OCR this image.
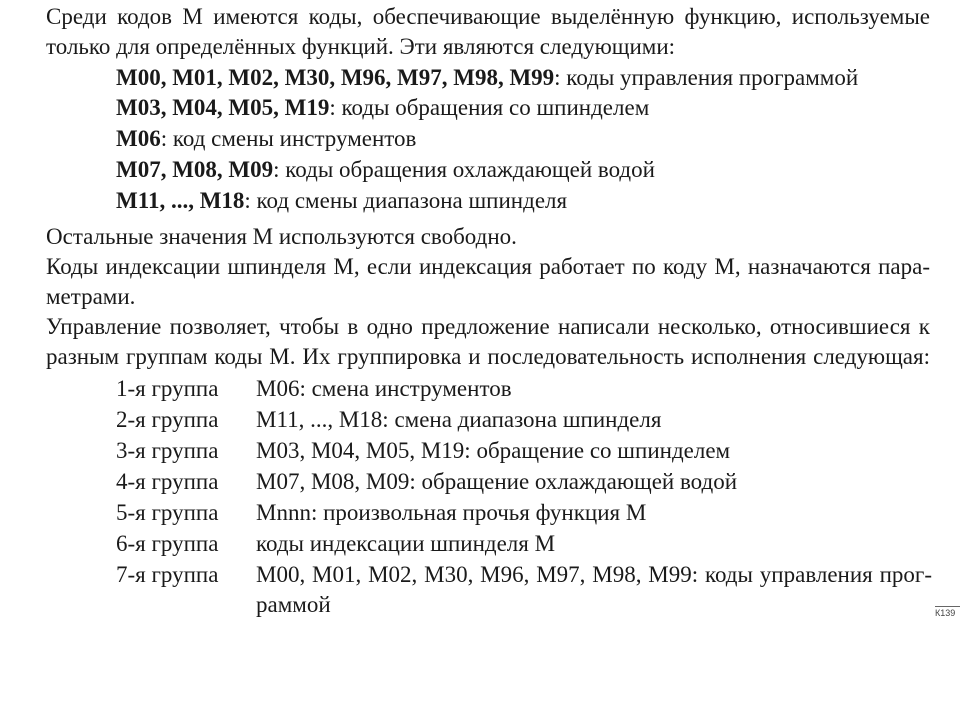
Среди кодов М имеются коды, обеспечивающие выделённую функцию, используемые
только для определённых функций. Эти являются следующими:
M00, M01, M02, M30, M96, M97, M98, M99: коды управления программой
M03, M04, M05, M19: коды обращения со шпинделем
M06: код смены инструментов
M07, M08, M09: коды обращения охлаждающей водой
M11, ..., M18: код смены диапазона шпинделя
Остальные значения М используются свободно.
Коды индексации шпинделя М, если индексация работает по коду М, назначаются пара-
метрами.
Управление позволяет, чтобы в одно предложение написали несколько, относившиеся к
разным группам коды М. Их группировка и последовательность исполнения следующая:
1-я группа М06: смена инструментов
2-я группа М11, ..., М18: смена диапазона шпинделя
3-я группа М03, М04, М05, М19: обращение со шпинделем
4-я группа М07, М08, М09: обращение охлаждающей водой
5-я группа Mnnn: произвольная прочья функция М
6-я группа коды индексации шпинделя М
7-я группа М00, М01, М02, М30, М96, М97, М98, М99: коды управления прог-
раммой	К139
